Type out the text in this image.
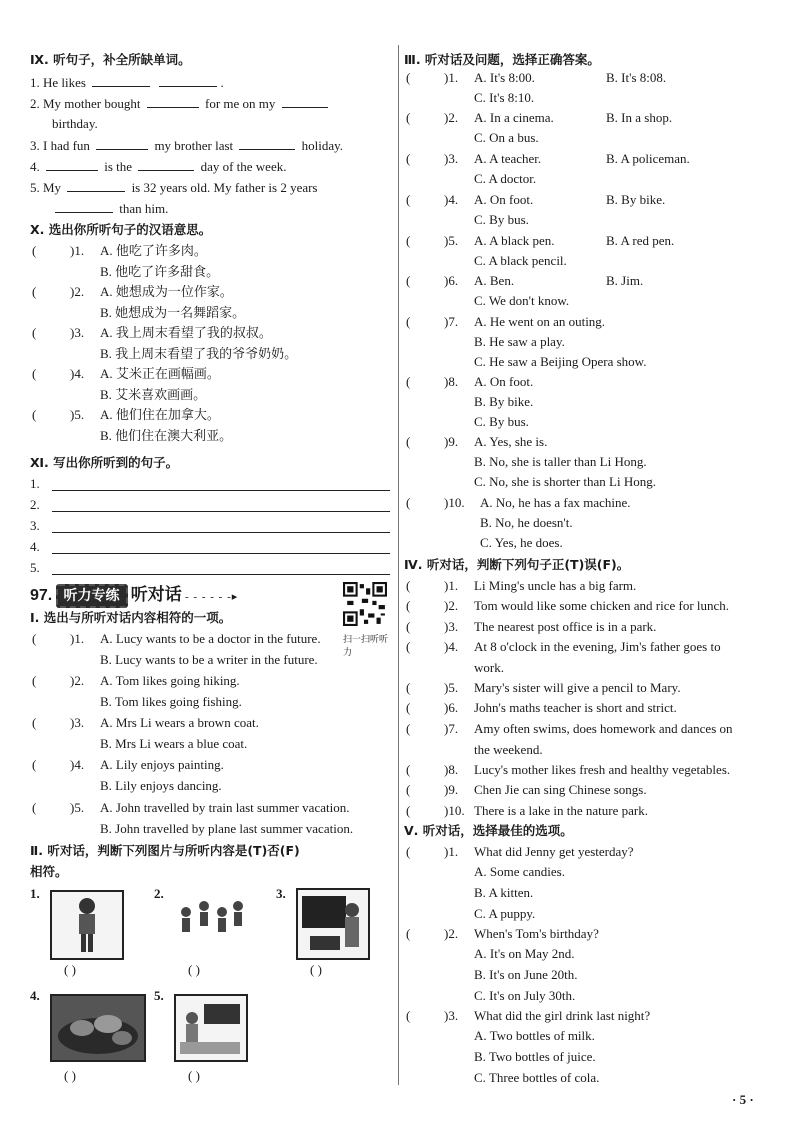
Ⅸ. 听句子，补全所缺单词。
1. He likes	.
2. My mother bought	for me on my
birthday.
3. I had fun	my brother last	holiday.
4.	is the	day of the week.
5. My	is 32 years old. My father is 2 years
than him.
Ⅹ. 选出你所听句子的汉语意思。
(	)1. A. 他吃了许多肉。
B. 他吃了许多甜食。
(	)2. A. 她想成为一位作家。
B. 她想成为一名舞蹈家。
(	)3. A. 我上周末看望了我的叔叔。
B. 我上周末看望了我的爷爷奶奶。
(	)4. A. 艾米正在画幅画。
B. 艾米喜欢画画。
(	)5. A. 他们住在加拿大。
B. 他们住在澳大利亚。
Ⅺ. 写出你所听到的句子。
1.
2.
3.
4.
5.
97. 听力专练 听对话 - - - - - -▸
扫一扫听听力
Ⅰ. 选出与所听对话内容相符的一项。
(	)1. A. Lucy wants to be a doctor in the future.
B. Lucy wants to be a writer in the future.
(	)2. A. Tom likes going hiking.
B. Tom likes going fishing.
(	)3. A. Mrs Li wears a brown coat.
B. Mrs Li wears a blue coat.
(	)4. A. Lily enjoys painting.
B. Lily enjoys dancing.
(	)5. A. John travelled by train last summer vacation.
B. John travelled by plane last summer vacation.
Ⅱ. 听对话，判断下列图片与所听内容是(T)否(F)
相符。
1.
( )
2.
( )
3.
( )
4.
( )
5.
( )
Ⅲ. 听对话及问题，选择正确答案。
(	)1. A. It's 8:00.	B. It's 8:08.
C. It's 8:10.
(	)2. A. In a cinema.	B. In a shop.
C. On a bus.
(	)3. A. A teacher.	B. A policeman.
C. A doctor.
(	)4. A. On foot.	B. By bike.
C. By bus.
(	)5. A. A black pen.	B. A red pen.
C. A black pencil.
(	)6. A. Ben.	B. Jim.
C. We don't know.
(	)7. A. He went on an outing.
B. He saw a play.
C. He saw a Beijing Opera show.
(	)8. A. On foot.
B. By bike.
C. By bus.
(	)9. A. Yes, she is.
B. No, she is taller than Li Hong.
C. No, she is shorter than Li Hong.
(	)10. A. No, he has a fax machine.
B. No, he doesn't.
C. Yes, he does.
Ⅳ. 听对话，判断下列句子正(T)误(F)。
(	)1. Li Ming's uncle has a big farm.
(	)2. Tom would like some chicken and rice for lunch.
(	)3. The nearest post office is in a park.
(	)4. At 8 o'clock in the evening, Jim's father goes to
work.
(	)5. Mary's sister will give a pencil to Mary.
(	)6. John's maths teacher is short and strict.
(	)7. Amy often swims, does homework and dances on
the weekend.
(	)8. Lucy's mother likes fresh and healthy vegetables.
(	)9. Chen Jie can sing Chinese songs.
(	)10. There is a lake in the nature park.
Ⅴ. 听对话，选择最佳的选项。
(	)1. What did Jenny get yesterday?
A. Some candies.
B. A kitten.
C. A puppy.
(	)2. When's Tom's birthday?
A. It's on May 2nd.
B. It's on June 20th.
C. It's on July 30th.
(	)3. What did the girl drink last night?
A. Two bottles of milk.
B. Two bottles of juice.
C. Three bottles of cola.
· 5 ·
